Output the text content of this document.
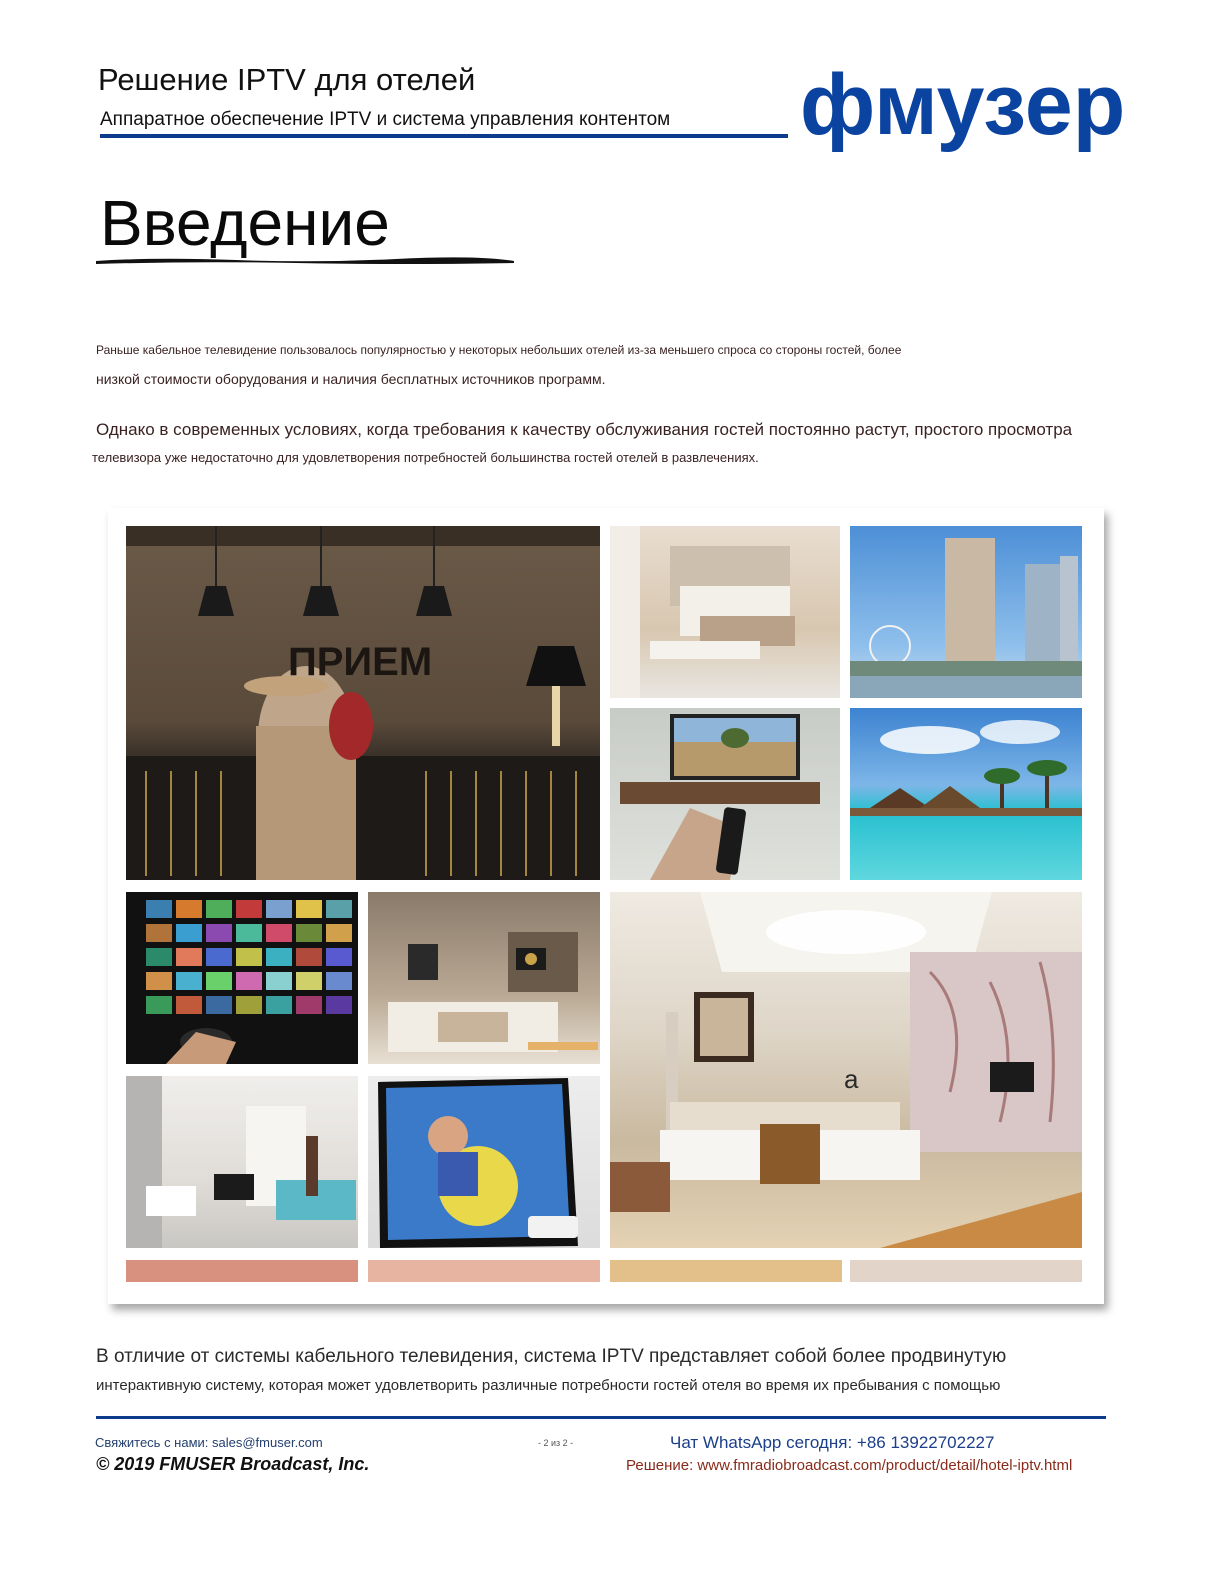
Решение IPTV для отелей
Аппаратное обеспечение IPTV и система управления контентом фмузер
Введение
Раньше кабельное телевидение пользовалось популярностью у некоторых небольших отелей из-за меньшего спроса со стороны гостей, более
низкой стоимости оборудования и наличия бесплатных источников программ.
Однако в современных условиях, когда требования к качеству обслуживания гостей постоянно растут, простого просмотра
телевизора уже недостаточно для удовлетворения потребностей большинства гостей отелей в развлечениях.
ПРИЕМ
а
В отличие от системы кабельного телевидения, система IPTV представляет собой более продвинутую
интерактивную систему, которая может удовлетворить различные потребности гостей отеля во время их пребывания с помощью
Свяжитесь с нами: sales@fmuser.com
© 2019 FMUSER Broadcast, Inc.
- 2 из 2 -	Чат WhatsApp сегодня: +86 13922702227
Решение: www.fmradiobroadcast.com/product/detail/hotel-iptv.html
